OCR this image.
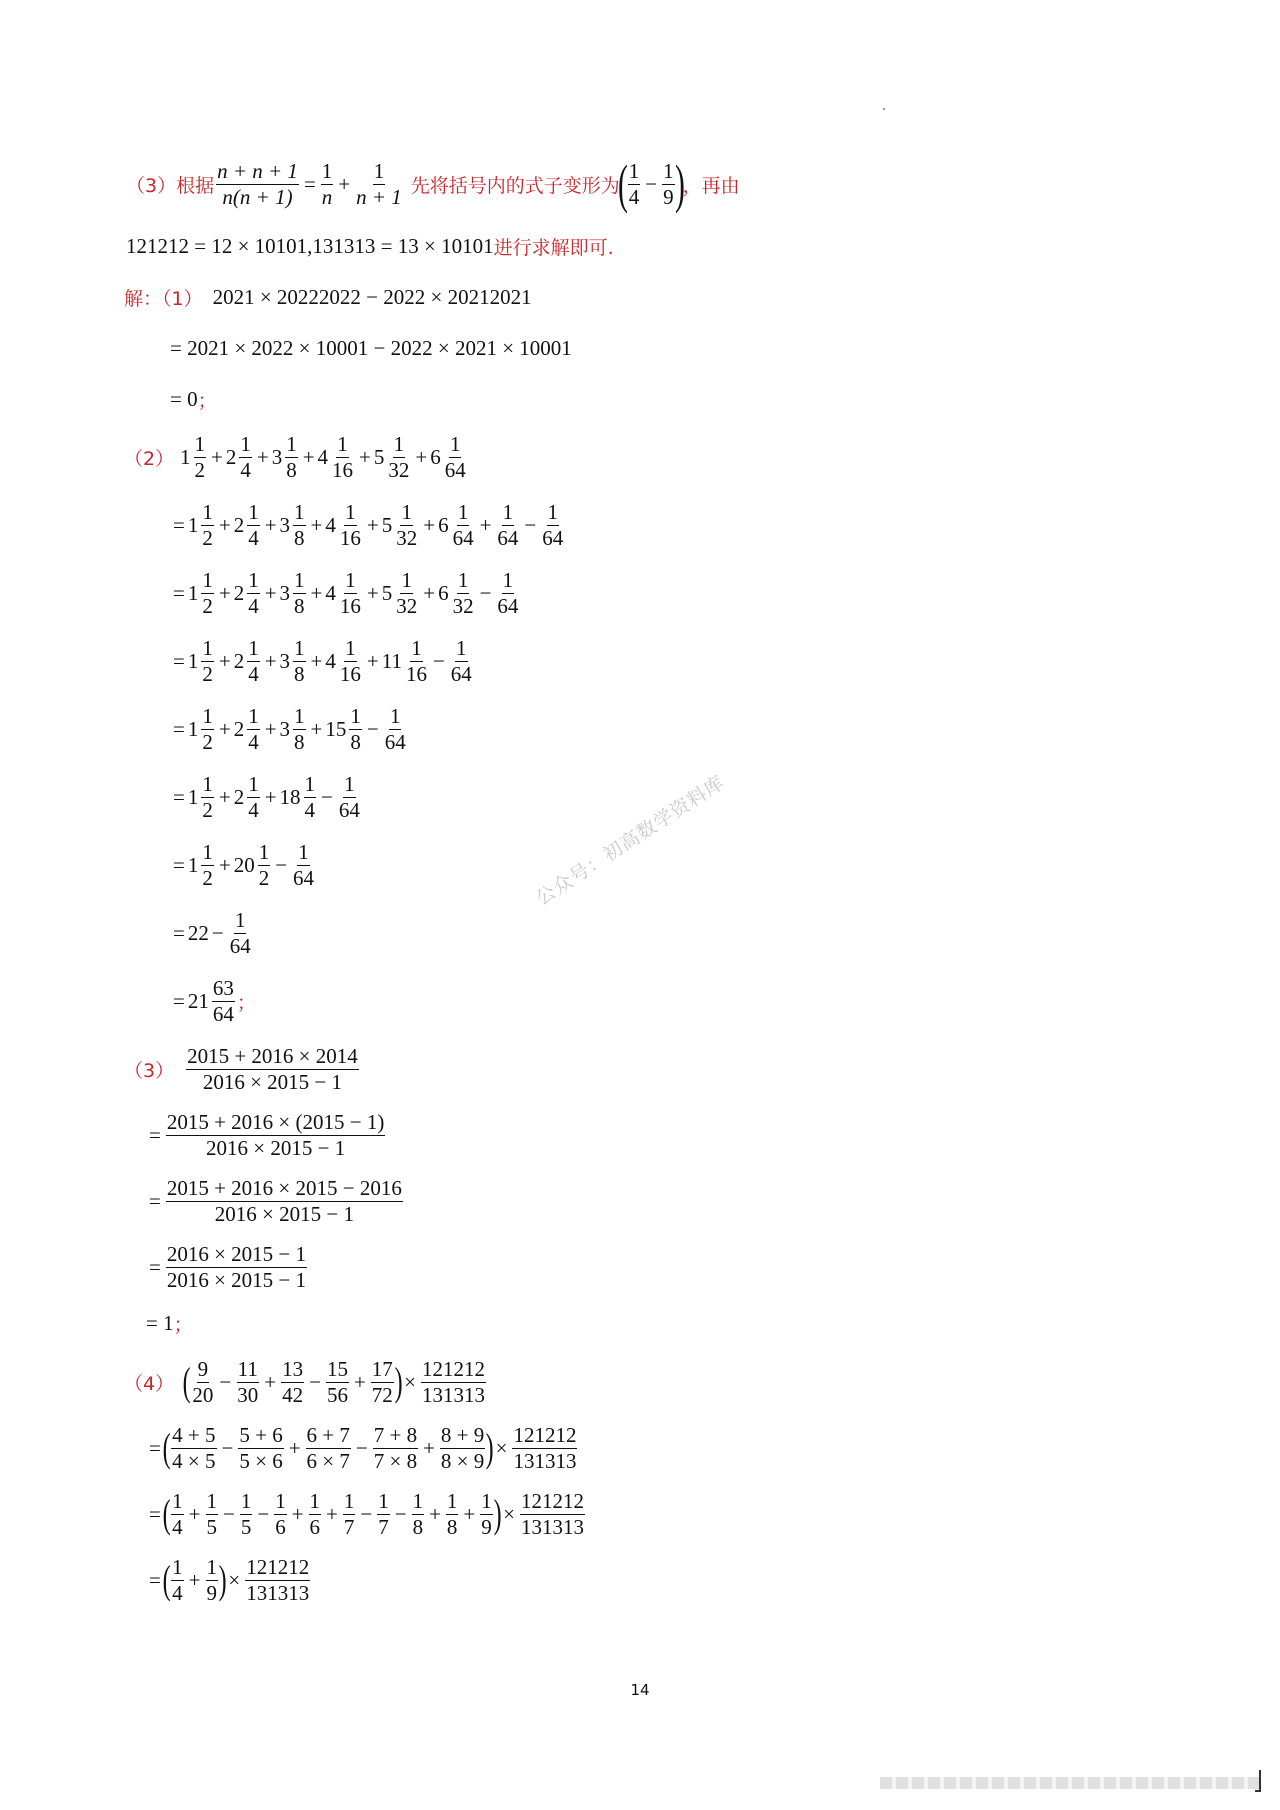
（3）根据 $\frac{n + n + 1}{n(n + 1)} = \frac{1}{n} + \frac{1}{n + 1}$ 先将括号内的式子变形为
( 1
4
− $\frac{1}{9}$ )
，再由
121212 = 12 × 10101,131313 = 13 × 10101 进行求解即可.
解：（1） 2021 × 20222022 − 2022 × 20212021
= 2021 × 2022 × 10001 − 2022 × 2021 × 10001
= 0 ；
（2） 1
1
2
+ 2
1
4
+ 3
1
8
+ 4
1
16
+ 5
1
32
+ 6
1
64
= 1
1
2
+ 2
1
4
+ 3
1
8
+ 4
1
16
+ 5
1
32
+ 6
1
64
+ $\frac{1}{64} - \frac{1}{64}$
= 1
1
2
+ 2
1
4
+ 3
1
8
+ 4
1
16
+ 5
1
32
+ 6
1
32
− $\frac{1}{64}$
= 1
1
2
+ 2
1
4
+ 3
1
8
+ 4
1
16
+ 11
1
16
− $\frac{1}{64}$
= 1
1
2
+ 2
1
4
+ 3
1
8
+ 15
1
8
− $\frac{1}{64}$
= 1
1
2
+ 2
1
4
+ 18
1
4
− $\frac{1}{64}$
= 1
1
2
+ 20
1
2
− $\frac{1}{64}$
= $22 - \frac{1}{64}$
= 21
63
64 ；
（3）
2015 + 2016 × 2014
2016 × 2015 − 1
= $\frac{2015 + 2016 \times (2015 - 1)}{2016 \times 2015 - 1}$
= $\frac{2015 + 2016 \times 2015 - 2016}{2016 \times 2015 - 1}$
= $\frac{2016 \times 2015 - 1}{2016 \times 2015 - 1}$
= 1 ；
（4） ( 9
20
− $\frac{11}{30} + \frac{13}{42} - \frac{15}{56} + \frac{17}{72}$ ) × $\frac{121212}{131313}$
= ( 4 + 5
4 × 5
− $\frac{5 + 6}{5 \times 6} + \frac{6 + 7}{6 \times 7} - \frac{7 + 8}{7 \times 8} + \frac{8 + 9}{8 \times 9}$ ) × $\frac{121212}{131313}$
= ( 1
4
+ $\frac{1}{5} - \frac{1}{5} - \frac{1}{6} + \frac{1}{6} + \frac{1}{7} - \frac{1}{7} - \frac{1}{8} + \frac{1}{8} + \frac{1}{9}$ ) × $\frac{121212}{131313}$
= ( 1
4
+ $\frac{1}{9}$ ) × $\frac{121212}{131313}$
公众号：初高数学资料库
14
